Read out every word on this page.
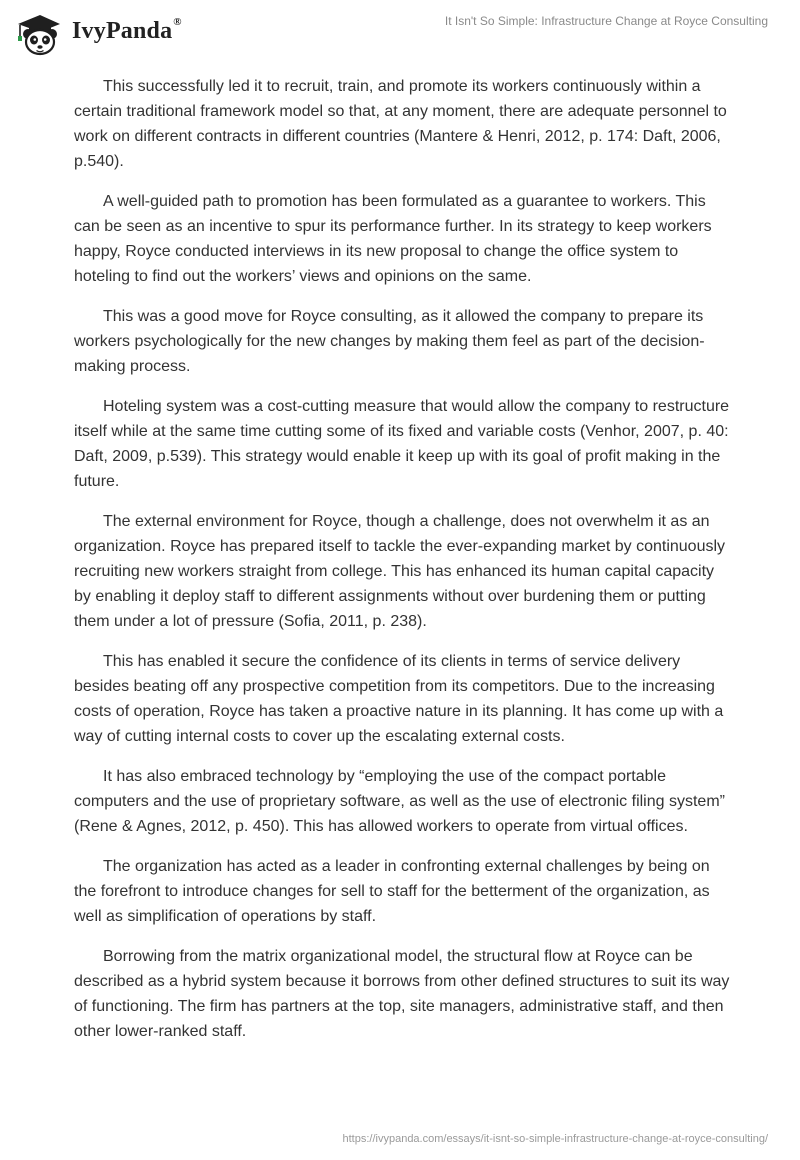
IvyPanda®	It Isn't So Simple: Infrastructure Change at Royce Consulting

This successfully led it to recruit, train, and promote its workers continuously within a certain traditional framework model so that, at any moment, there are adequate personnel to work on different contracts in different countries (Mantere & Henri, 2012, p. 174: Daft, 2006, p.540).

A well-guided path to promotion has been formulated as a guarantee to workers. This can be seen as an incentive to spur its performance further. In its strategy to keep workers happy, Royce conducted interviews in its new proposal to change the office system to hoteling to find out the workers’ views and opinions on the same.

This was a good move for Royce consulting, as it allowed the company to prepare its workers psychologically for the new changes by making them feel as part of the decision-making process.

Hoteling system was a cost-cutting measure that would allow the company to restructure itself while at the same time cutting some of its fixed and variable costs (Venhor, 2007, p. 40: Daft, 2009, p.539). This strategy would enable it keep up with its goal of profit making in the future.

The external environment for Royce, though a challenge, does not overwhelm it as an organization. Royce has prepared itself to tackle the ever-expanding market by continuously recruiting new workers straight from college. This has enhanced its human capital capacity by enabling it deploy staff to different assignments without over burdening them or putting them under a lot of pressure (Sofia, 2011, p. 238).

This has enabled it secure the confidence of its clients in terms of service delivery besides beating off any prospective competition from its competitors. Due to the increasing costs of operation, Royce has taken a proactive nature in its planning. It has come up with a way of cutting internal costs to cover up the escalating external costs.

It has also embraced technology by “employing the use of the compact portable computers and the use of proprietary software, as well as the use of electronic filing system” (Rene & Agnes, 2012, p. 450). This has allowed workers to operate from virtual offices.

The organization has acted as a leader in confronting external challenges by being on the forefront to introduce changes for sell to staff for the betterment of the organization, as well as simplification of operations by staff.

Borrowing from the matrix organizational model, the structural flow at Royce can be described as a hybrid system because it borrows from other defined structures to suit its way of functioning. The firm has partners at the top, site managers, administrative staff, and then other lower-ranked staff.

https://ivypanda.com/essays/it-isnt-so-simple-infrastructure-change-at-royce-consulting/
